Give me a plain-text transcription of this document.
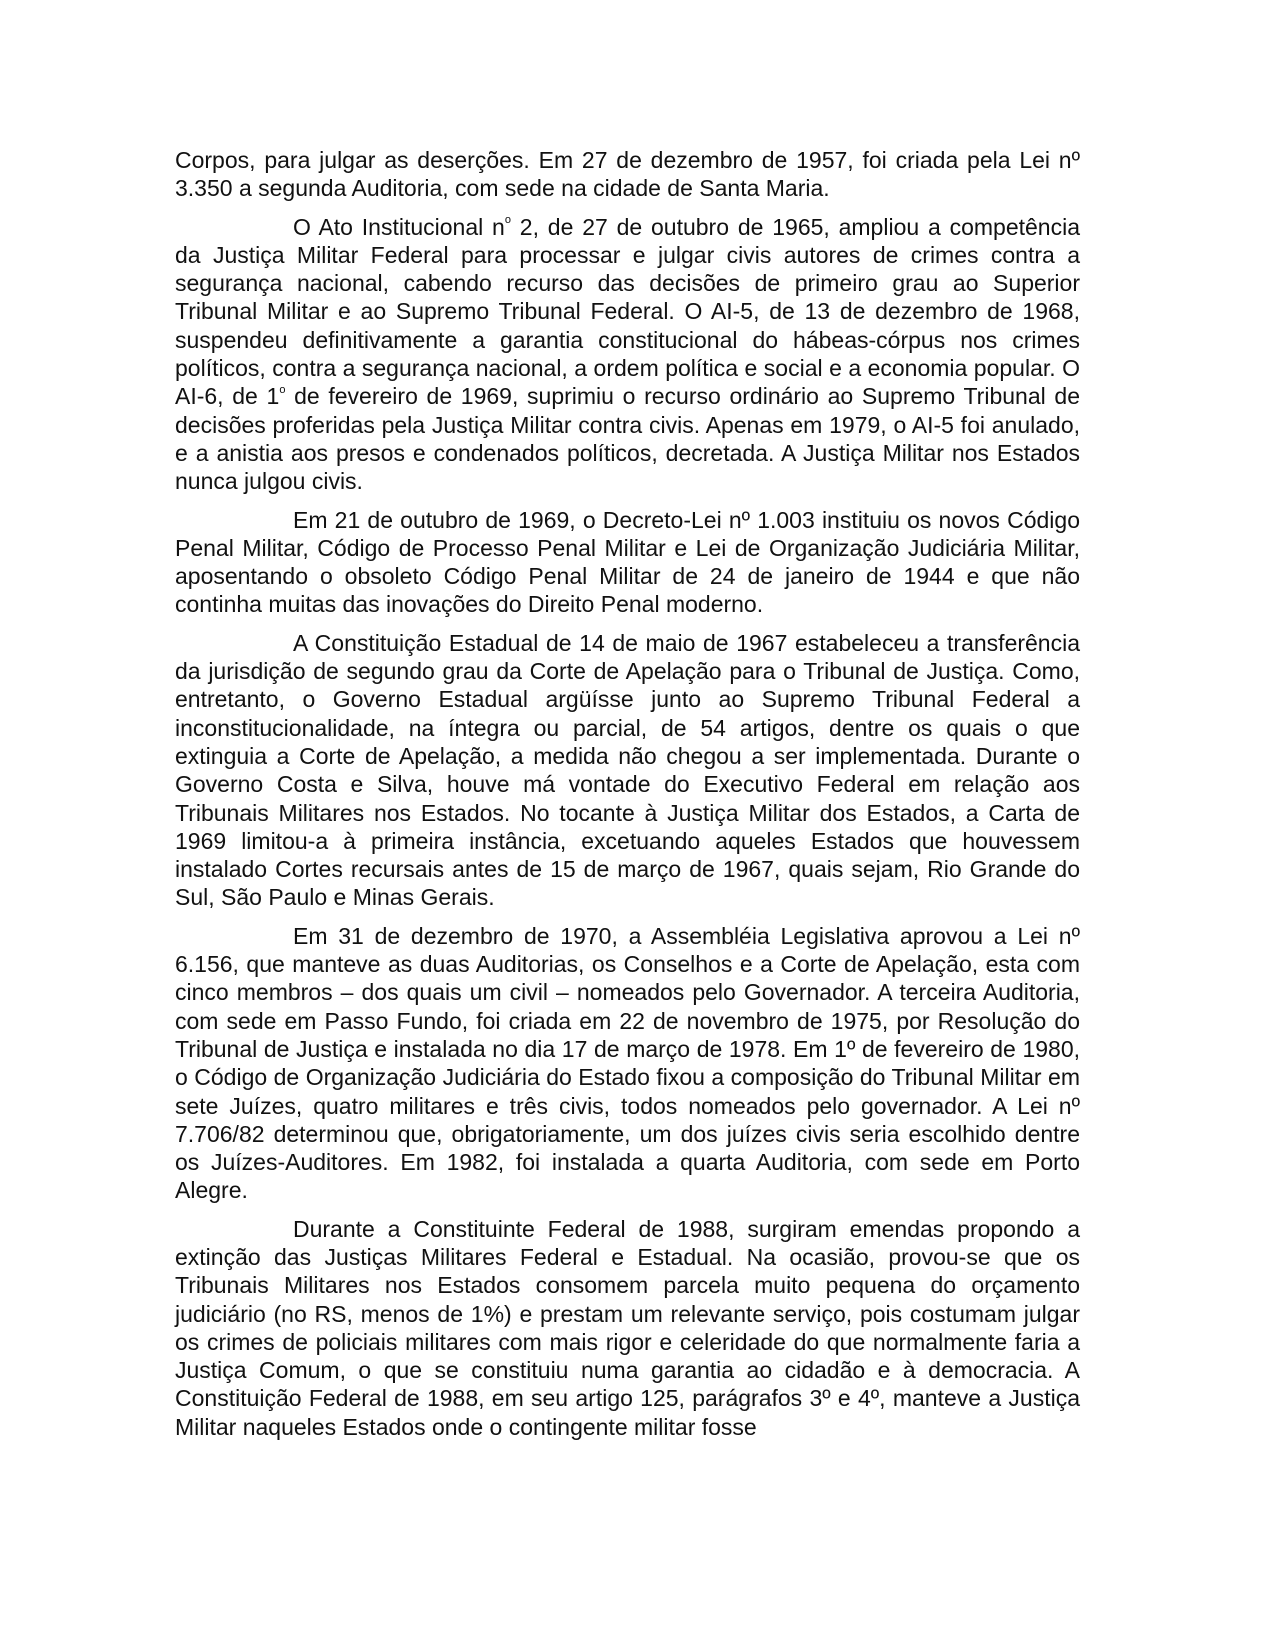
Corpos, para julgar as deserções. Em 27 de dezembro de 1957, foi criada pela Lei nº 3.350 a segunda Auditoria, com sede na cidade de Santa Maria.

O Ato Institucional $n^o$ 2, de 27 de outubro de 1965, ampliou a competência da Justiça Militar Federal para processar e julgar civis autores de crimes contra a segurança nacional, cabendo recurso das decisões de primeiro grau ao Superior Tribunal Militar e ao Supremo Tribunal Federal. O AI-5, de 13 de dezembro de 1968, suspendeu definitivamente a garantia constitucional do hábeas-córpus nos crimes políticos, contra a segurança nacional, a ordem política e social e a economia popular. O AI-6, de 1$^o$ de fevereiro de 1969, suprimiu o recurso ordinário ao Supremo Tribunal de decisões proferidas pela Justiça Militar contra civis. Apenas em 1979, o AI-5 foi anulado, e a anistia aos presos e condenados políticos, decretada. A Justiça Militar nos Estados nunca julgou civis.

Em 21 de outubro de 1969, o Decreto-Lei nº 1.003 instituiu os novos Código Penal Militar, Código de Processo Penal Militar e Lei de Organização Judiciária Militar, aposentando o obsoleto Código Penal Militar de 24 de janeiro de 1944 e que não continha muitas das inovações do Direito Penal moderno.

A Constituição Estadual de 14 de maio de 1967 estabeleceu a transferência da jurisdição de segundo grau da Corte de Apelação para o Tribunal de Justiça. Como, entretanto, o Governo Estadual argüísse junto ao Supremo Tribunal Federal a inconstitucionalidade, na íntegra ou parcial, de 54 artigos, dentre os quais o que extinguia a Corte de Apelação, a medida não chegou a ser implementada. Durante o Governo Costa e Silva, houve má vontade do Executivo Federal em relação aos Tribunais Militares nos Estados. No tocante à Justiça Militar dos Estados, a Carta de 1969 limitou-a à primeira instância, excetuando aqueles Estados que houvessem instalado Cortes recursais antes de 15 de março de 1967, quais sejam, Rio Grande do Sul, São Paulo e Minas Gerais.

Em 31 de dezembro de 1970, a Assembléia Legislativa aprovou a Lei nº 6.156, que manteve as duas Auditorias, os Conselhos e a Corte de Apelação, esta com cinco membros – dos quais um civil – nomeados pelo Governador. A terceira Auditoria, com sede em Passo Fundo, foi criada em 22 de novembro de 1975, por Resolução do Tribunal de Justiça e instalada no dia 17 de março de 1978. Em 1º de fevereiro de 1980, o Código de Organização Judiciária do Estado fixou a composição do Tribunal Militar em sete Juízes, quatro militares e três civis, todos nomeados pelo governador. A Lei nº 7.706/82 determinou que, obrigatoriamente, um dos juízes civis seria escolhido dentre os Juízes-Auditores. Em 1982, foi instalada a quarta Auditoria, com sede em Porto Alegre.

Durante a Constituinte Federal de 1988, surgiram emendas propondo a extinção das Justiças Militares Federal e Estadual. Na ocasião, provou-se que os Tribunais Militares nos Estados consomem parcela muito pequena do orçamento judiciário (no RS, menos de 1%) e prestam um relevante serviço, pois costumam julgar os crimes de policiais militares com mais rigor e celeridade do que normalmente faria a Justiça Comum, o que se constituiu numa garantia ao cidadão e à democracia. A Constituição Federal de 1988, em seu artigo 125, parágrafos 3º e 4º, manteve a Justiça Militar naqueles Estados onde o contingente militar fosse
